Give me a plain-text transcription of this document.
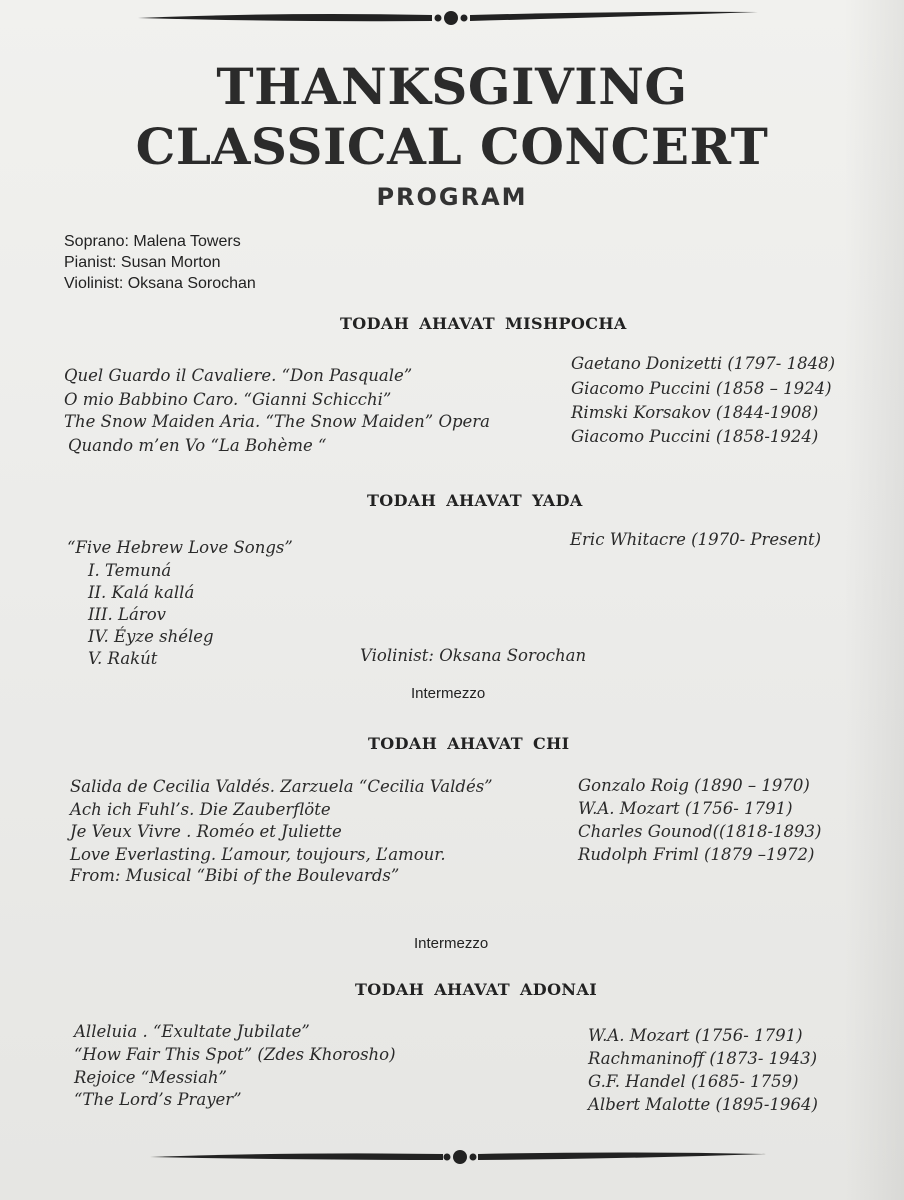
THANKSGIVING
CLASSICAL CONCERT
PROGRAM
Soprano: Malena Towers
Pianist: Susan Morton
Violinist: Oksana Sorochan
TODAH AHAVAT MISHPOCHA
Quel Guardo il Cavaliere. “Don Pasquale”
O mio Babbino Caro. “Gianni Schicchi”
The Snow Maiden Aria. “The Snow Maiden” Opera
Quando m’en Vo “La Bohème “
Gaetano Donizetti (1797- 1848)
Giacomo Puccini (1858 – 1924)
Rimski Korsakov (1844-1908)
Giacomo Puccini (1858-1924)
TODAH AHAVAT YADA
“Five Hebrew Love Songs”
I. Temuná
II. Kalá kallá
III. Lárov
IV. Éyze shéleg
V. Rakút
Eric Whitacre (1970- Present)
Violinist: Oksana Sorochan
Intermezzo
TODAH AHAVAT CHI
Salida de Cecilia Valdés. Zarzuela “Cecilia Valdés”
Ach ich Fuhl’s. Die Zauberflöte
Je Veux Vivre . Roméo et Juliette
Love Everlasting. L’amour, toujours, L’amour.
From: Musical “Bibi of the Boulevards”
Gonzalo Roig (1890 – 1970)
W.A. Mozart (1756- 1791)
Charles Gounod((1818-1893)
Rudolph Friml (1879 –1972)
Intermezzo
TODAH AHAVAT ADONAI
Alleluia . “Exultate Jubilate”
“How Fair This Spot” (Zdes Khorosho)
Rejoice “Messiah”
“The Lord’s Prayer”
W.A. Mozart (1756- 1791)
Rachmaninoff (1873- 1943)
G.F. Handel (1685- 1759)
Albert Malotte (1895-1964)
